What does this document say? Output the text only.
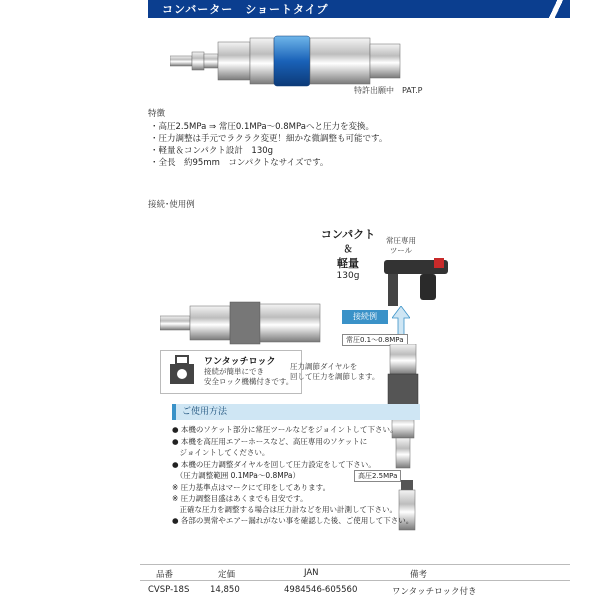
コンバーター　ショートタイプ
特許出願中　PAT.P
特徴
・高圧2.5MPa ⇒ 常圧0.1MPa～0.8MPaへと圧力を変換。
・圧力調整は手元でラクラク変更！細かな微調整も可能です。
・軽量＆コンパクト設計　130g
・全長　約95mm　コンパクトなサイズです。
接続･使用例
コンパクト
＆
軽量
130g
常圧専用
ツール
接続例
常圧0.1～0.8MPa
ワンタッチロック
接続が簡単にでき
安全ロック機構付きです。
圧力調節ダイヤルを
回して圧力を調節します。
高圧2.5MPa
ご使用方法
● 本機のソケット部分に常圧ツールなどをジョイントして下さい。
● 本機を高圧用エアーホースなど、高圧専用のソケットに
　ジョイントしてください。
● 本機の圧力調整ダイヤルを回して圧力設定をして下さい。
　（圧力調整範囲 0.1MPa～0.8MPa）
※ 圧力基準点はマークにて印をしてあります。
※ 圧力調整目盛はあくまでも目安です。
　正確な圧力を調整する場合は圧力計などを用い計測して下さい。
● 各部の異常やエアー漏れがない事を確認した後、ご使用して下さい。
品番	定価	JAN	備考
CVSP-18S 14,850	4984546-605560	ワンタッチロック付き
